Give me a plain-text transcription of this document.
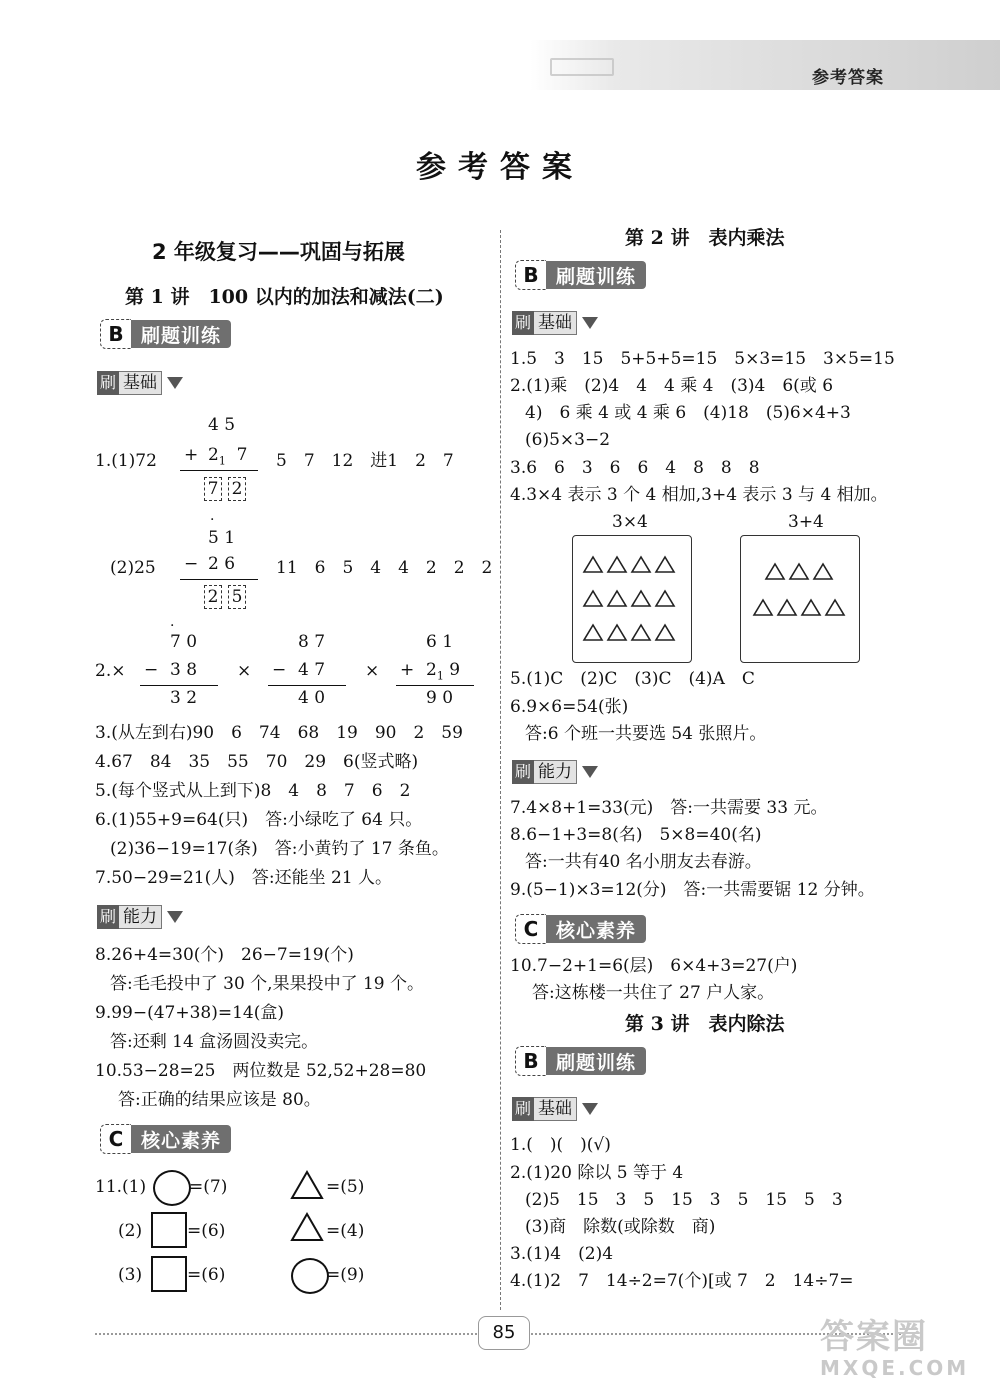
参考答案
参考答案
2 年级复习——巩固与拓展
第 1 讲　100 以内的加法和减法(二)
B 刷题训练
刷 基础
1.(1)72
4 5
+ $2_1$ 7
7 2
5　7　12　进1　2　7
(2)25
·
5 1
− 2 6
2 5
11　6　5　4　4　2　2　2
2.×
·
7 0
− 3 8
3 2
×
8 7
− 4 7
4 0
×
6 1
+ $2_1$ 9
9 0
3.(从左到右)90　6　74　68　19　90　2　59
4.67　84　35　55　70　29　6(竖式略)
5.(每个竖式从上到下)8　4　8　7　6　2
6.(1)55+9=64(只)　答:小绿吃了 64 只。
(2)36−19=17(条)　答:小黄钓了 17 条鱼。
7.50−29=21(人)　答:还能坐 21 人。
刷 能力
8.26+4=30(个)　26−7=19(个)
答:毛毛投中了 30 个,果果投中了 19 个。
9.99−(47+38)=14(盒)
答:还剩 14 盒汤圆没卖完。
10.53−28=25　两位数是 52,52+28=80
答:正确的结果应该是 80。
C 核心素养
11.(1)	=(7)	=(5)
(2)	=(6)	=(4)
(3)	=(6)	=(9)
第 2 讲　表内乘法
B 刷题训练
刷 基础
1.5　3　15　5+5+5=15　5×3=15　3×5=15
2.(1)乘　(2)4　4　4 乘 4　(3)4　6(或 6
4)　6 乘 4 或 4 乘 6　(4)18　(5)6×4+3
(6)5×3−2
3.6　6　3　6　6　4　8　8　8
4.3×4 表示 3 个 4 相加,3+4 表示 3 与 4 相加。
3×4	3+4
5.(1)C　(2)C　(3)C　(4)A　C
6.9×6=54(张)
答:6 个班一共要选 54 张照片。
刷 能力
7.4×8+1=33(元)　答:一共需要 33 元。
8.6−1+3=8(名)　5×8=40(名)
答:一共有40 名小朋友去春游。
9.(5−1)×3=12(分)　答:一共需要锯 12 分钟。
C 核心素养
10.7−2+1=6(层)　6×4+3=27(户)
答:这栋楼一共住了 27 户人家。
第 3 讲　表内除法
B 刷题训练
刷 基础
1.(　)(　)(√)
2.(1)20 除以 5 等于 4
(2)5　15　3　5　15　3　5　15　5　3
(3)商　除数(或除数　商)
3.(1)4　(2)4
4.(1)2　7　14÷2=7(个)[或 7　2　14÷7=
85	答案圈
MXQE.COM
